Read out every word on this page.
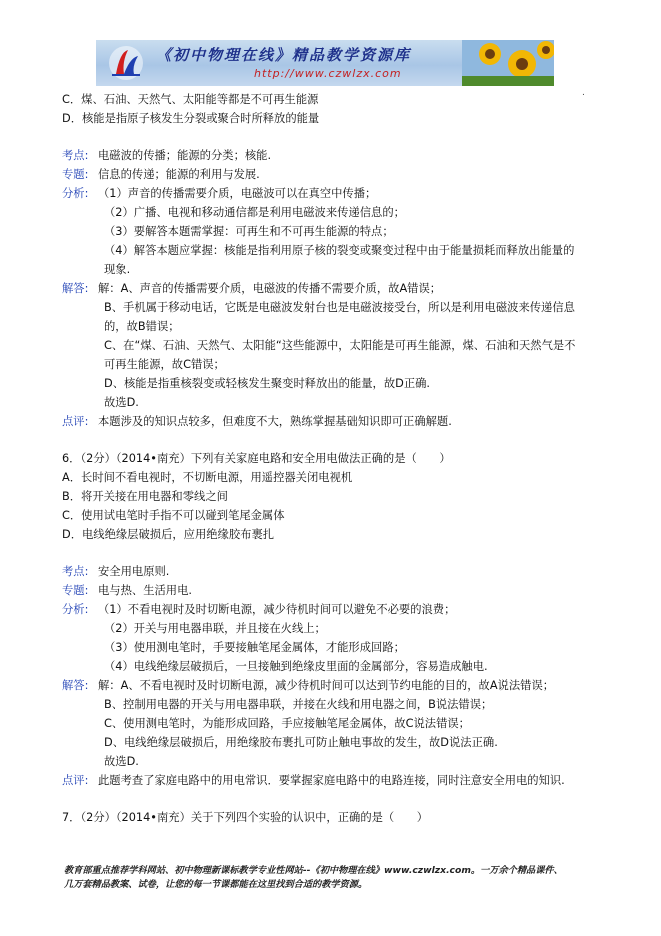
《初中物理在线》精品教学资源库
http://www.czwlzx.com
.
C．煤、石油、天然气、太阳能等都是不可再生能源
D．核能是指原子核发生分裂或聚合时所释放的能量
考点: 电磁波的传播；能源的分类；核能.
专题: 信息的传递；能源的利用与发展.
分析: （1）声音的传播需要介质，电磁波可以在真空中传播；
（2）广播、电视和移动通信都是利用电磁波来传递信息的；
（3）要解答本题需掌握：可再生和不可再生能源的特点；
（4）解答本题应掌握：核能是指利用原子核的裂变或聚变过程中由于能量损耗而释放出能量的
现象.
解答: 解：A、声音的传播需要介质，电磁波的传播不需要介质，故A错误；
B、手机属于移动电话，它既是电磁波发射台也是电磁波接受台，所以是利用电磁波来传递信息
的，故B错误；
C、在“煤、石油、天然气、太阳能“这些能源中，太阳能是可再生能源，煤、石油和天然气是不
可再生能源，故C错误；
D、核能是指重核裂变或轻核发生聚变时释放出的能量，故D正确.
故选D.
点评: 本题涉及的知识点较多，但难度不大，熟练掌握基础知识即可正确解题.
6．（2分）（2014•南充）下列有关家庭电路和安全用电做法正确的是（　　）
A．长时间不看电视时，不切断电源，用遥控器关闭电视机
B．将开关接在用电器和零线之间
C．使用试电笔时手指不可以碰到笔尾金属体
D．电线绝缘层破损后，应用绝缘胶布裹扎
考点: 安全用电原则.
专题: 电与热、生活用电.
分析: （1）不看电视时及时切断电源，减少待机时间可以避免不必要的浪费；
（2）开关与用电器串联，并且接在火线上；
（3）使用测电笔时，手要接触笔尾金属体，才能形成回路；
（4）电线绝缘层破损后，一旦接触到绝缘皮里面的金属部分，容易造成触电.
解答: 解：A、不看电视时及时切断电源，减少待机时间可以达到节约电能的目的，故A说法错误；
B、控制用电器的开关与用电器串联，并接在火线和用电器之间，B说法错误；
C、使用测电笔时，为能形成回路，手应接触笔尾金属体，故C说法错误；
D、电线绝缘层破损后，用绝缘胶布裹扎可防止触电事故的发生，故D说法正确.
故选D.
点评: 此题考查了家庭电路中的用电常识．要掌握家庭电路中的电路连接，同时注意安全用电的知识.
7．（2分）（2014•南充）关于下列四个实验的认识中，正确的是（　　）
教育部重点推荐学科网站、初中物理新课标教学专业性网站--《初中物理在线》www.czwlzx.com。一万余个精品课件、
几万套精品教案、试卷，让您的每一节课都能在这里找到合适的教学资源。
